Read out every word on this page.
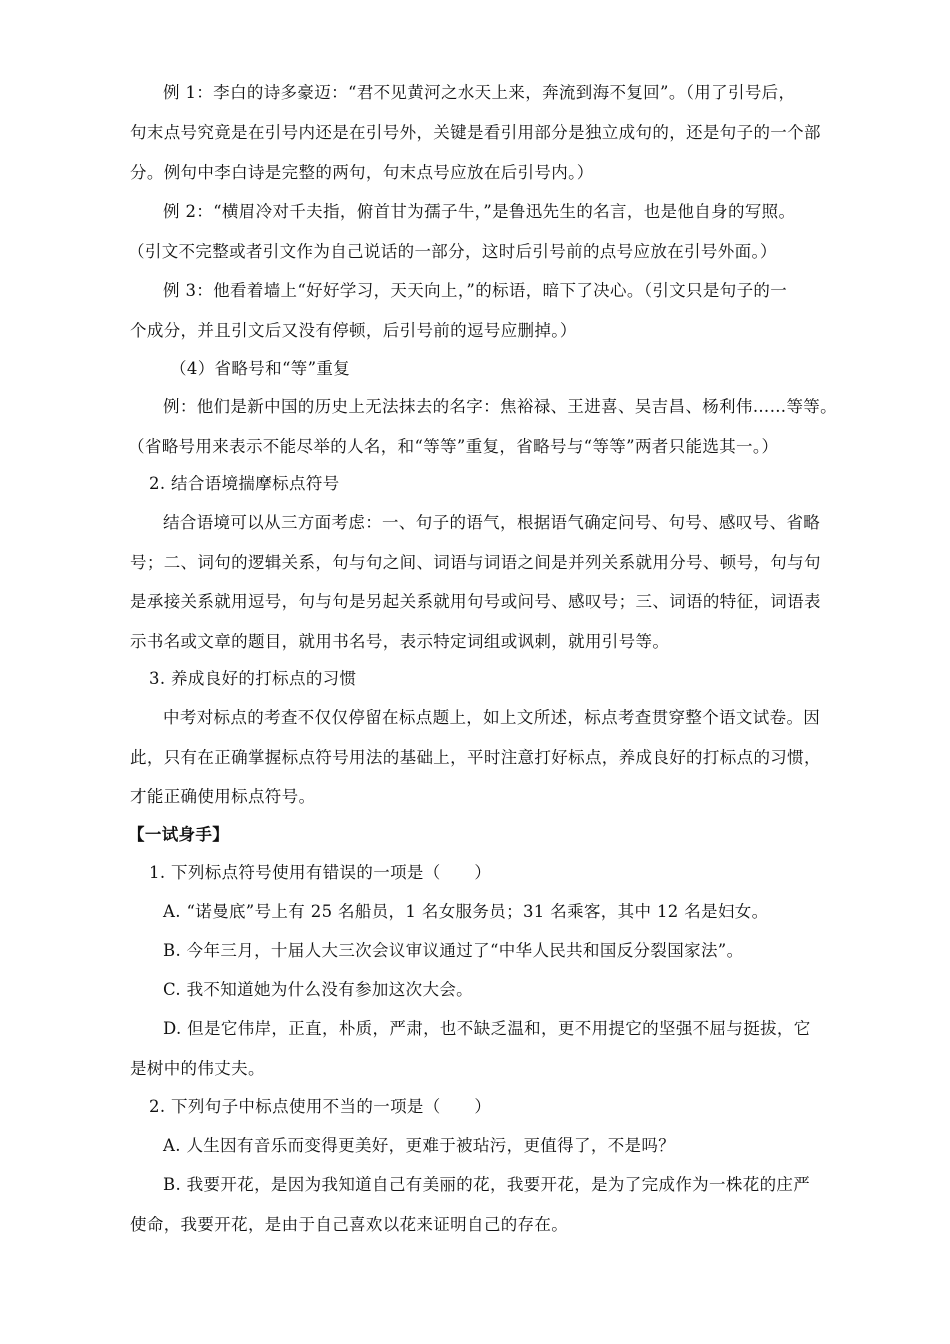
例 1：李白的诗多豪迈：“君不见黄河之水天上来，奔流到海不复回”。（用了引号后，
句末点号究竟是在引号内还是在引号外，关键是看引用部分是独立成句的，还是句子的一个部
分。例句中李白诗是完整的两句，句末点号应放在后引号内。）
例 2：“横眉冷对千夫指，俯首甘为孺子牛，”是鲁迅先生的名言，也是他自身的写照。
（引文不完整或者引文作为自己说话的一部分，这时后引号前的点号应放在引号外面。）
例 3：他看着墙上“好好学习，天天向上，”的标语，暗下了决心。（引文只是句子的一
个成分，并且引文后又没有停顿，后引号前的逗号应删掉。）
（4）省略号和“等”重复
例：他们是新中国的历史上无法抹去的名字：焦裕禄、王进喜、吴吉昌、杨利伟……等等。
（省略号用来表示不能尽举的人名，和“等等”重复，省略号与“等等”两者只能选其一。）
2. 结合语境揣摩标点符号
结合语境可以从三方面考虑：一、句子的语气，根据语气确定问号、句号、感叹号、省略
号；二、词句的逻辑关系，句与句之间、词语与词语之间是并列关系就用分号、顿号，句与句
是承接关系就用逗号，句与句是另起关系就用句号或问号、感叹号；三、词语的特征，词语表
示书名或文章的题目，就用书名号，表示特定词组或讽刺，就用引号等。
3. 养成良好的打标点的习惯
中考对标点的考查不仅仅停留在标点题上，如上文所述，标点考查贯穿整个语文试卷。因
此，只有在正确掌握标点符号用法的基础上，平时注意打好标点，养成良好的打标点的习惯，
才能正确使用标点符号。
【一试身手】
1. 下列标点符号使用有错误的一项是（　　）
A. “诺曼底”号上有 25 名船员，1 名女服务员；31 名乘客，其中 12 名是妇女。
B. 今年三月，十届人大三次会议审议通过了“中华人民共和国反分裂国家法”。
C. 我不知道她为什么没有参加这次大会。
D. 但是它伟岸，正直，朴质，严肃，也不缺乏温和，更不用提它的坚强不屈与挺拔，它
是树中的伟丈夫。
2. 下列句子中标点使用不当的一项是（　　）
A. 人生因有音乐而变得更美好，更难于被玷污，更值得了，不是吗？
B. 我要开花，是因为我知道自己有美丽的花，我要开花，是为了完成作为一株花的庄严
使命，我要开花，是由于自己喜欢以花来证明自己的存在。
